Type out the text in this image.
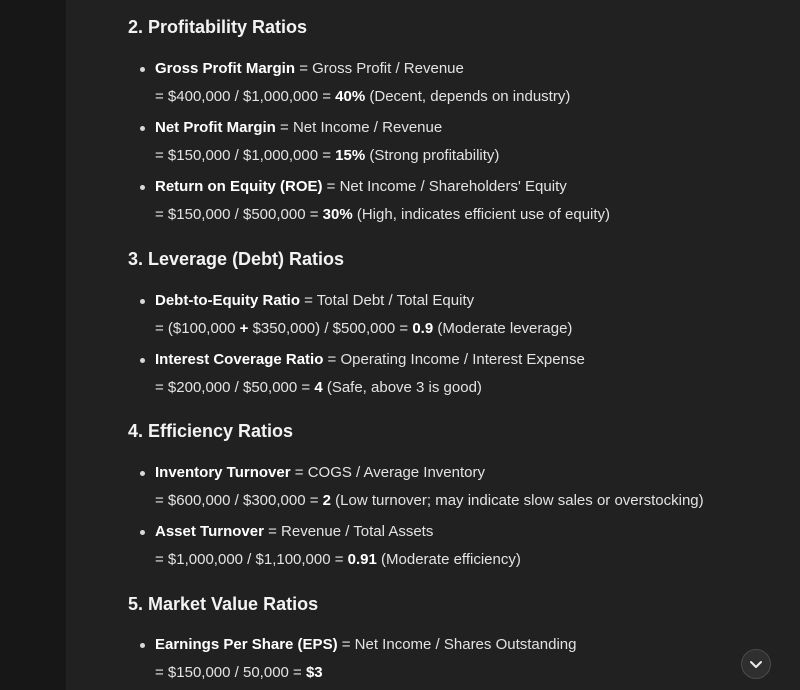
2. Profitability Ratios
Gross Profit Margin = Gross Profit / Revenue
= $400,000 / $1,000,000 = 40% (Decent, depends on industry)
Net Profit Margin = Net Income / Revenue
= $150,000 / $1,000,000 = 15% (Strong profitability)
Return on Equity (ROE) = Net Income / Shareholders' Equity
= $150,000 / $500,000 = 30% (High, indicates efficient use of equity)
3. Leverage (Debt) Ratios
Debt-to-Equity Ratio = Total Debt / Total Equity
= ($100,000 + $350,000) / $500,000 = 0.9 (Moderate leverage)
Interest Coverage Ratio = Operating Income / Interest Expense
= $200,000 / $50,000 = 4 (Safe, above 3 is good)
4. Efficiency Ratios
Inventory Turnover = COGS / Average Inventory
= $600,000 / $300,000 = 2 (Low turnover; may indicate slow sales or overstocking)
Asset Turnover = Revenue / Total Assets
= $1,000,000 / $1,100,000 = 0.91 (Moderate efficiency)
5. Market Value Ratios
Earnings Per Share (EPS) = Net Income / Shares Outstanding
= $150,000 / 50,000 = $3
